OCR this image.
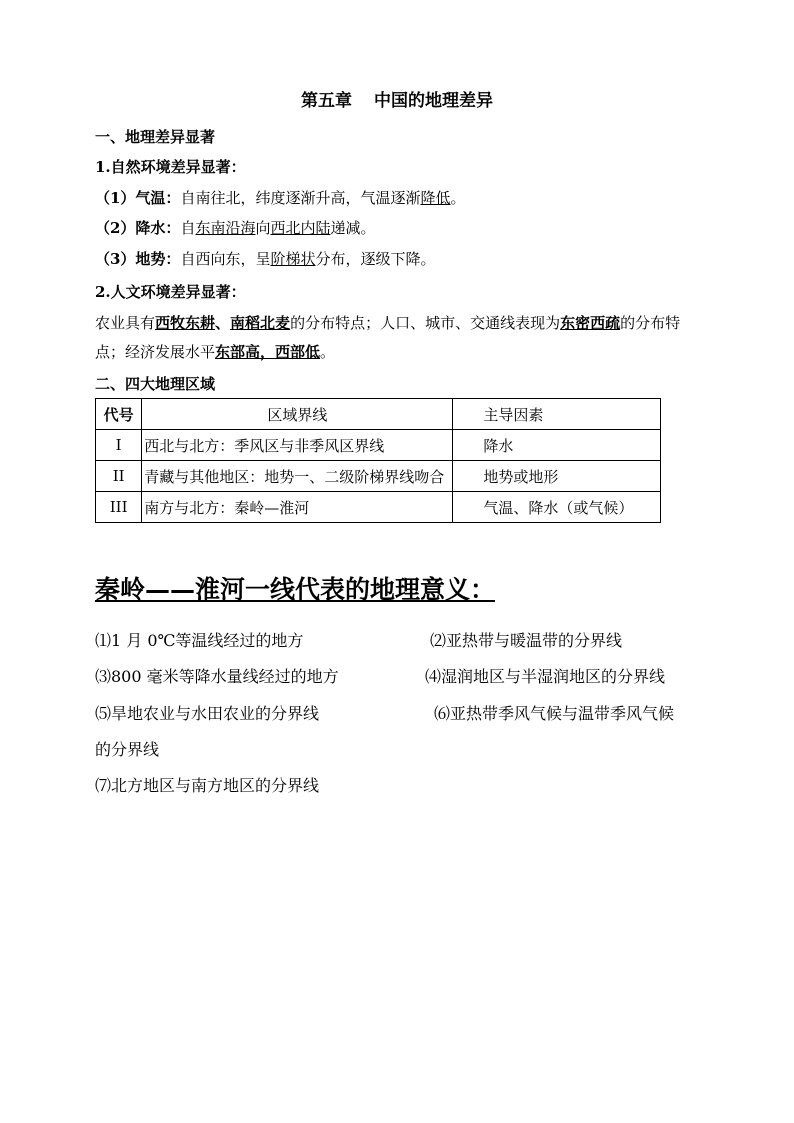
第五章 中国的地理差异
一、地理差异显著
1.自然环境差异显著：
（1）气温：自南往北，纬度逐渐升高，气温逐渐降低。
（2）降水：自东南沿海向西北内陆递减。
（3）地势：自西向东，呈阶梯状分布，逐级下降。
2.人文环境差异显著：
农业具有西牧东耕、南稻北麦的分布特点；人口、城市、交通线表现为东密西疏的分布特
点；经济发展水平东部高，西部低。
二、四大地理区域
代号	区域界线	主导因素
I	西北与北方：季风区与非季风区界线	降水
II	青藏与其他地区：地势一、二级阶梯界线吻合	地势或地形
III	南方与北方：秦岭—淮河	气温、降水（或气候）
秦岭——淮河一线代表的地理意义：
⑴1 月 0℃等温线经过的地方	⑵亚热带与暖温带的分界线
⑶800 毫米等降水量线经过的地方	⑷湿润地区与半湿润地区的分界线
⑸旱地农业与水田农业的分界线	⑹亚热带季风气候与温带季风气候
的分界线
⑺北方地区与南方地区的分界线
